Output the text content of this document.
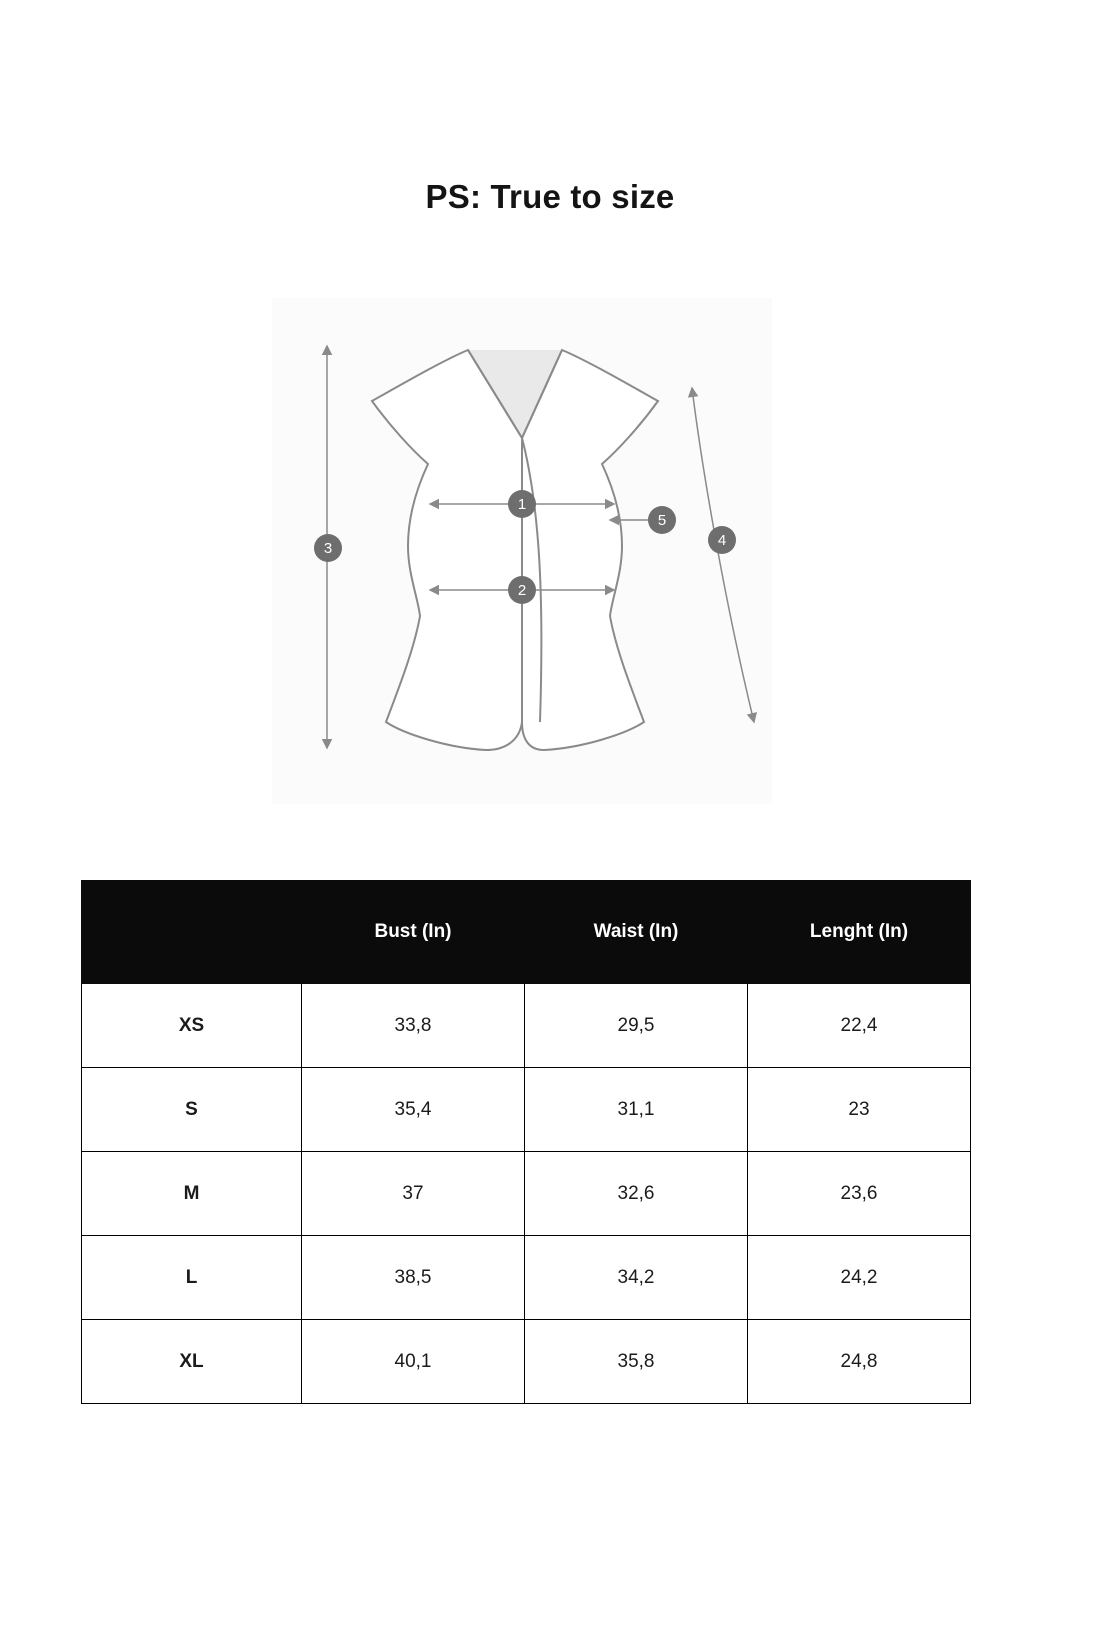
PS: True to size
1
2
3	4
5
	Bust (In)	Waist (In)	Lenght (In)
XS	33,8	29,5	22,4
S	35,4	31,1	23
M	37	32,6	23,6
L	38,5	34,2	24,2
XL	40,1	35,8	24,8
